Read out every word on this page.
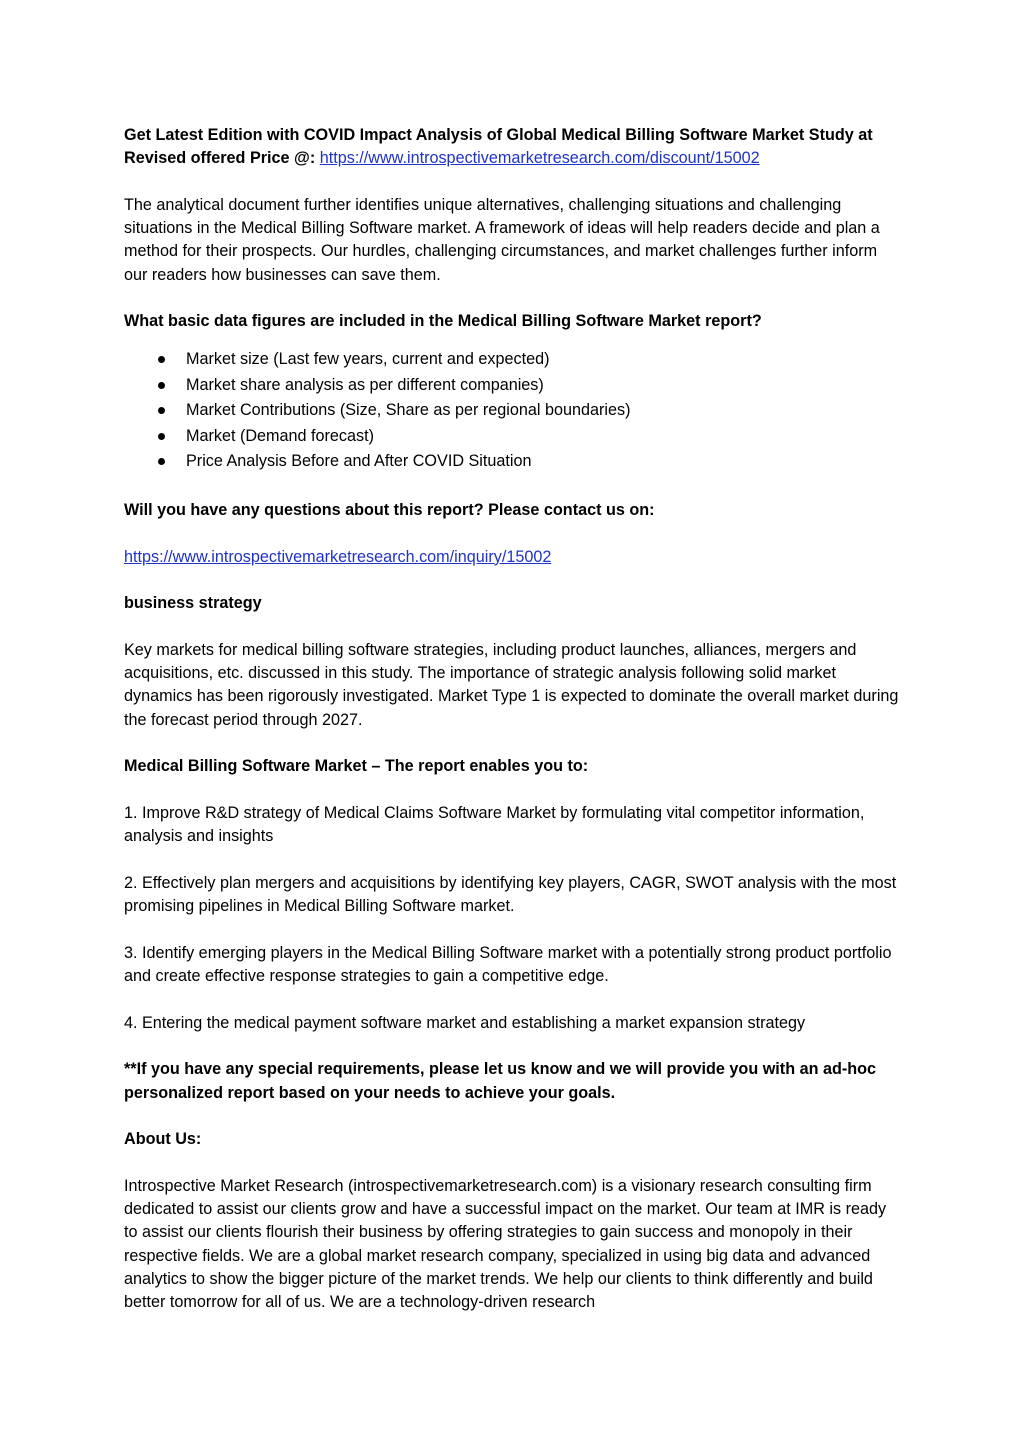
Get Latest Edition with COVID Impact Analysis of Global Medical Billing Software Market Study at Revised offered Price @: https://www.introspectivemarketresearch.com/discount/15002

The analytical document further identifies unique alternatives, challenging situations and challenging situations in the Medical Billing Software market. A framework of ideas will help readers decide and plan a method for their prospects. Our hurdles, challenging circumstances, and market challenges further inform our readers how businesses can save them.

What basic data figures are included in the Medical Billing Software Market report?

Market size (Last few years, current and expected)
Market share analysis as per different companies)
Market Contributions (Size, Share as per regional boundaries)
Market (Demand forecast)
Price Analysis Before and After COVID Situation

Will you have any questions about this report? Please contact us on:

https://www.introspectivemarketresearch.com/inquiry/15002

business strategy

Key markets for medical billing software strategies, including product launches, alliances, mergers and acquisitions, etc. discussed in this study. The importance of strategic analysis following solid market dynamics has been rigorously investigated. Market Type 1 is expected to dominate the overall market during the forecast period through 2027.

Medical Billing Software Market – The report enables you to:

1. Improve R&D strategy of Medical Claims Software Market by formulating vital competitor information, analysis and insights

2. Effectively plan mergers and acquisitions by identifying key players, CAGR, SWOT analysis with the most promising pipelines in Medical Billing Software market.

3. Identify emerging players in the Medical Billing Software market with a potentially strong product portfolio and create effective response strategies to gain a competitive edge.

4. Entering the medical payment software market and establishing a market expansion strategy

**If you have any special requirements, please let us know and we will provide you with an ad-hoc personalized report based on your needs to achieve your goals.

About Us:

Introspective Market Research (introspectivemarketresearch.com) is a visionary research consulting firm dedicated to assist our clients grow and have a successful impact on the market. Our team at IMR is ready to assist our clients flourish their business by offering strategies to gain success and monopoly in their respective fields. We are a global market research company, specialized in using big data and advanced analytics to show the bigger picture of the market trends. We help our clients to think differently and build better tomorrow for all of us. We are a technology-driven research
